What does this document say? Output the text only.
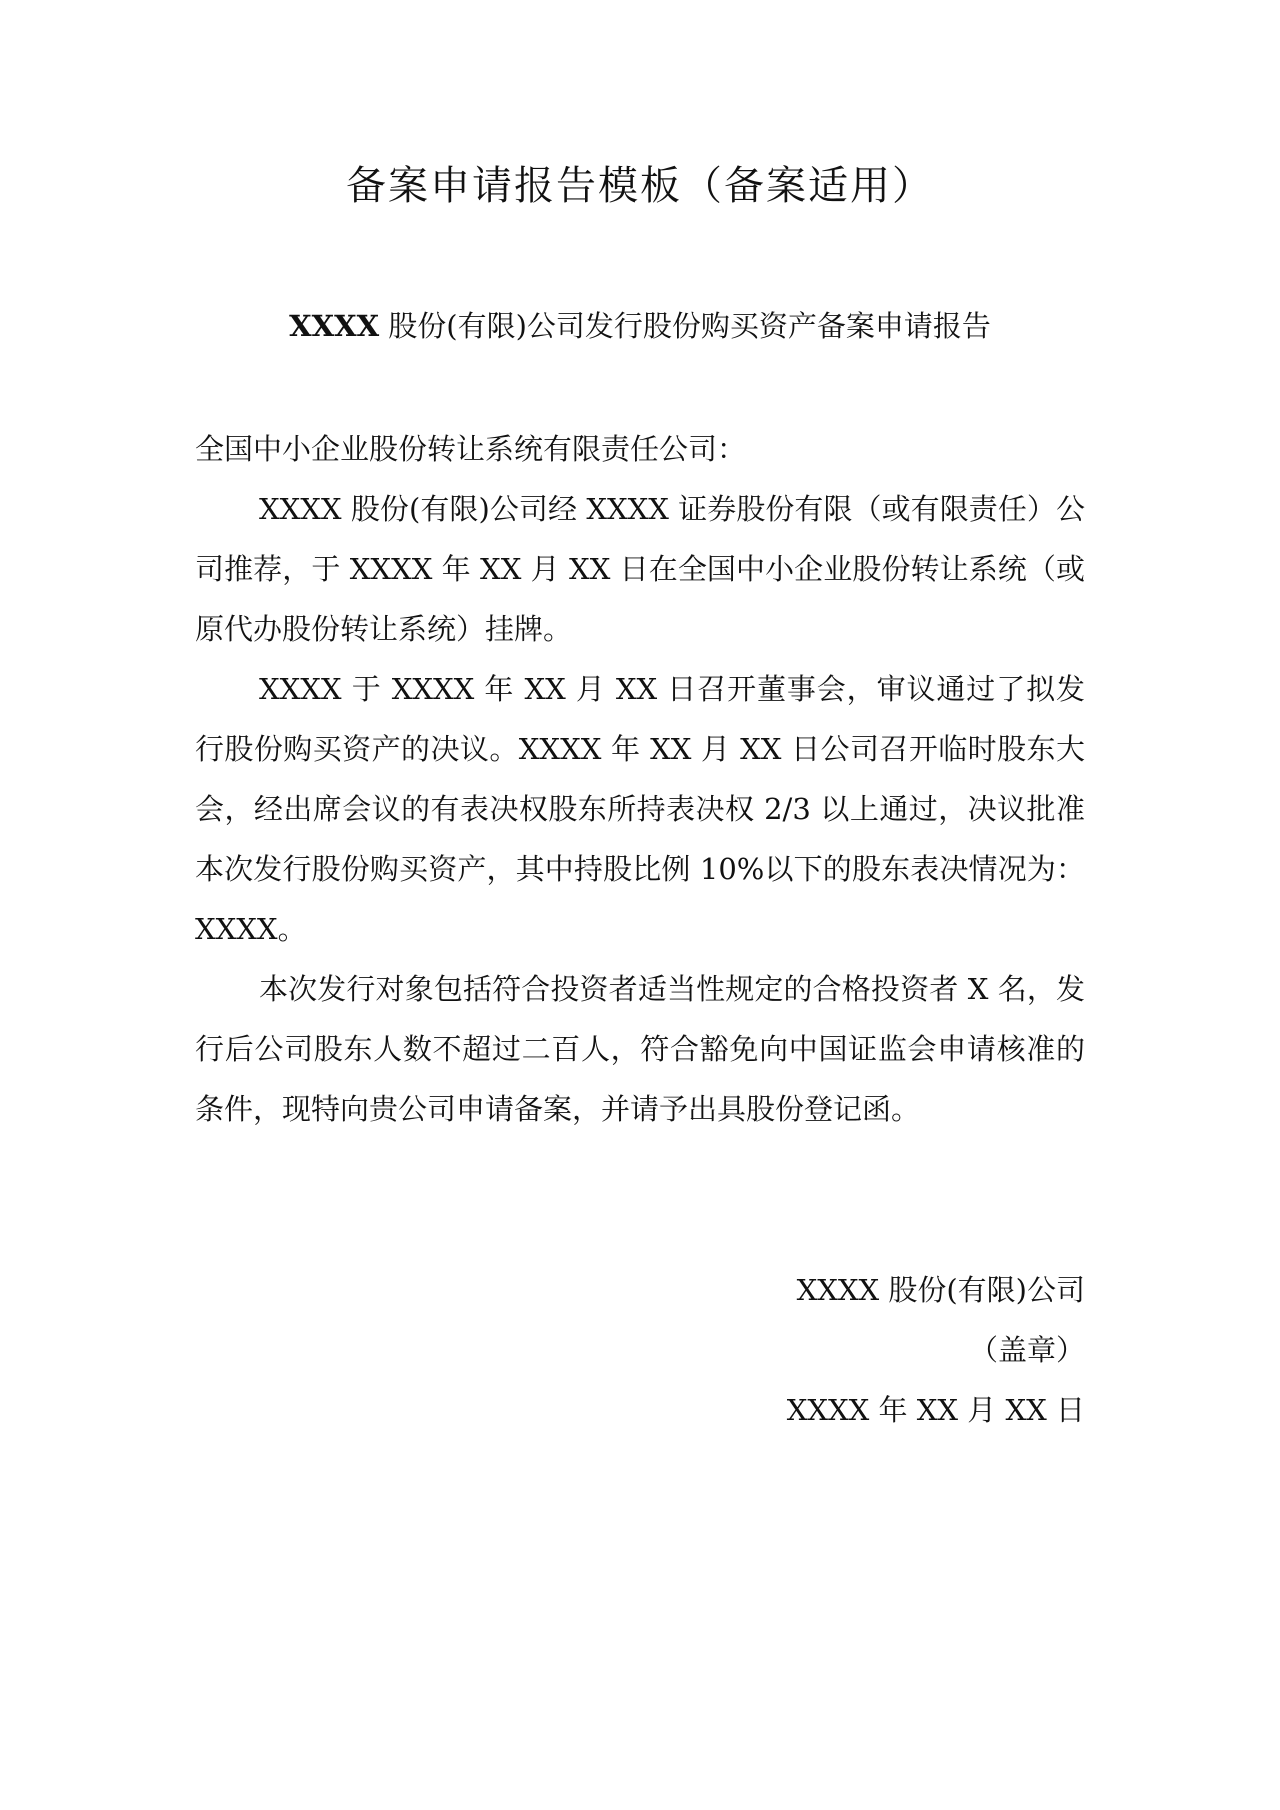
备案申请报告模板（备案适用）
XXXX 股份(有限)公司发行股份购买资产备案申请报告
全国中小企业股份转让系统有限责任公司：
XXXX 股份(有限)公司经 XXXX 证券股份有限（或有限责任）公司推荐，于 XXXX 年 XX 月 XX 日在全国中小企业股份转让系统（或原代办股份转让系统）挂牌。
XXXX 于 XXXX 年 XX 月 XX 日召开董事会，审议通过了拟发行股份购买资产的决议。XXXX 年 XX 月 XX 日公司召开临时股东大会，经出席会议的有表决权股东所持表决权 2/3 以上通过，决议批准本次发行股份购买资产，其中持股比例 10%以下的股东表决情况为：XXXX。
本次发行对象包括符合投资者适当性规定的合格投资者 X 名，发行后公司股东人数不超过二百人，符合豁免向中国证监会申请核准的条件，现特向贵公司申请备案，并请予出具股份登记函。
XXXX 股份(有限)公司
（盖章）
XXXX 年 XX 月 XX 日
